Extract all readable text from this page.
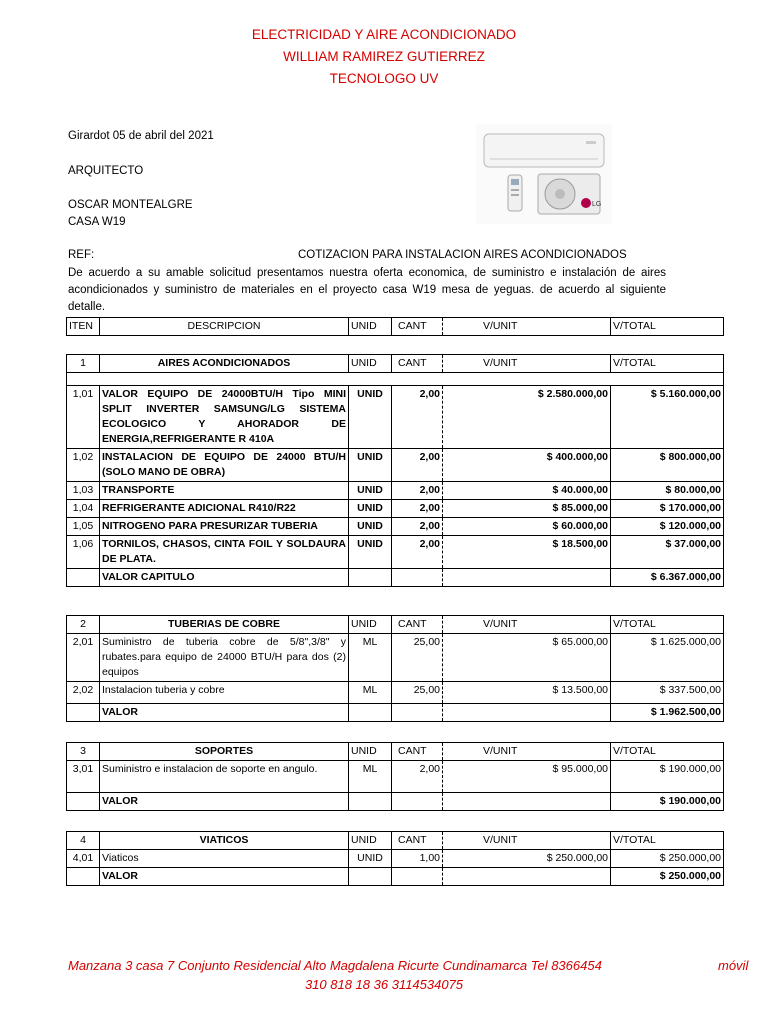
ELECTRICIDAD Y AIRE ACONDICIONADO
WILLIAM RAMIREZ GUTIERREZ
TECNOLOGO UV
LG
Girardot 05 de abril del 2021
ARQUITECTO
OSCAR MONTEALGRE
CASA W19
REF:	COTIZACION PARA INSTALACION AIRES ACONDICIONADOS
De acuerdo a su amable solicitud presentamos nuestra oferta economica, de suministro e instalación de aires acondicionados y suministro de materiales en el proyecto casa W19 mesa de yeguas. de acuerdo al siguiente detalle.
ITEN	DESCRIPCION	UNID	CANT	V/UNIT	V/TOTAL
1	AIRES ACONDICIONADOS	UNID	CANT	V/UNIT	V/TOTAL

1,01	VALOR EQUIPO DE 24000BTU/H Tipo MINI SPLIT INVERTER SAMSUNG/LG SISTEMA ECOLOGICO Y AHORADOR DE ENERGIA,REFRIGERANTE R 410A	UNID	2,00	$ 2.580.000,00	$ 5.160.000,00
1,02	INSTALACION DE EQUIPO DE 24000 BTU/H (SOLO MANO DE OBRA)	UNID	2,00	$ 400.000,00	$ 800.000,00
1,03	TRANSPORTE	UNID	2,00	$ 40.000,00	$ 80.000,00
1,04	REFRIGERANTE ADICIONAL R410/R22	UNID	2,00	$ 85.000,00	$ 170.000,00
1,05	NITROGENO PARA PRESURIZAR TUBERIA	UNID	2,00	$ 60.000,00	$ 120.000,00
1,06	TORNILOS, CHASOS, CINTA FOIL Y SOLDAURA DE PLATA.	UNID	2,00	$ 18.500,00	$ 37.000,00
	VALOR CAPITULO				$ 6.367.000,00
2	TUBERIAS DE COBRE	UNID	CANT	V/UNIT	V/TOTAL
2,01	Suministro de tuberia cobre de 5/8",3/8" y rubates.para equipo de 24000 BTU/H para dos (2) equipos	ML	25,00	$ 65.000,00	$ 1.625.000,00
2,02	Instalacion tuberia y cobre	ML	25,00	$ 13.500,00	$ 337.500,00
	VALOR				$ 1.962.500,00
3	SOPORTES	UNID	CANT	V/UNIT	V/TOTAL
3,01	Suministro e instalacion de soporte en angulo.	ML	2,00	$ 95.000,00	$ 190.000,00
	VALOR				$ 190.000,00
4	VIATICOS	UNID	CANT	V/UNIT	V/TOTAL
4,01	Viaticos	UNID	1,00	$ 250.000,00	$ 250.000,00
	VALOR				$ 250.000,00
Manzana 3 casa 7 Conjunto Residencial Alto Magdalena Ricurte Cundinamarca Tel 8366454	móvil
310 818 18 36 3114534075
